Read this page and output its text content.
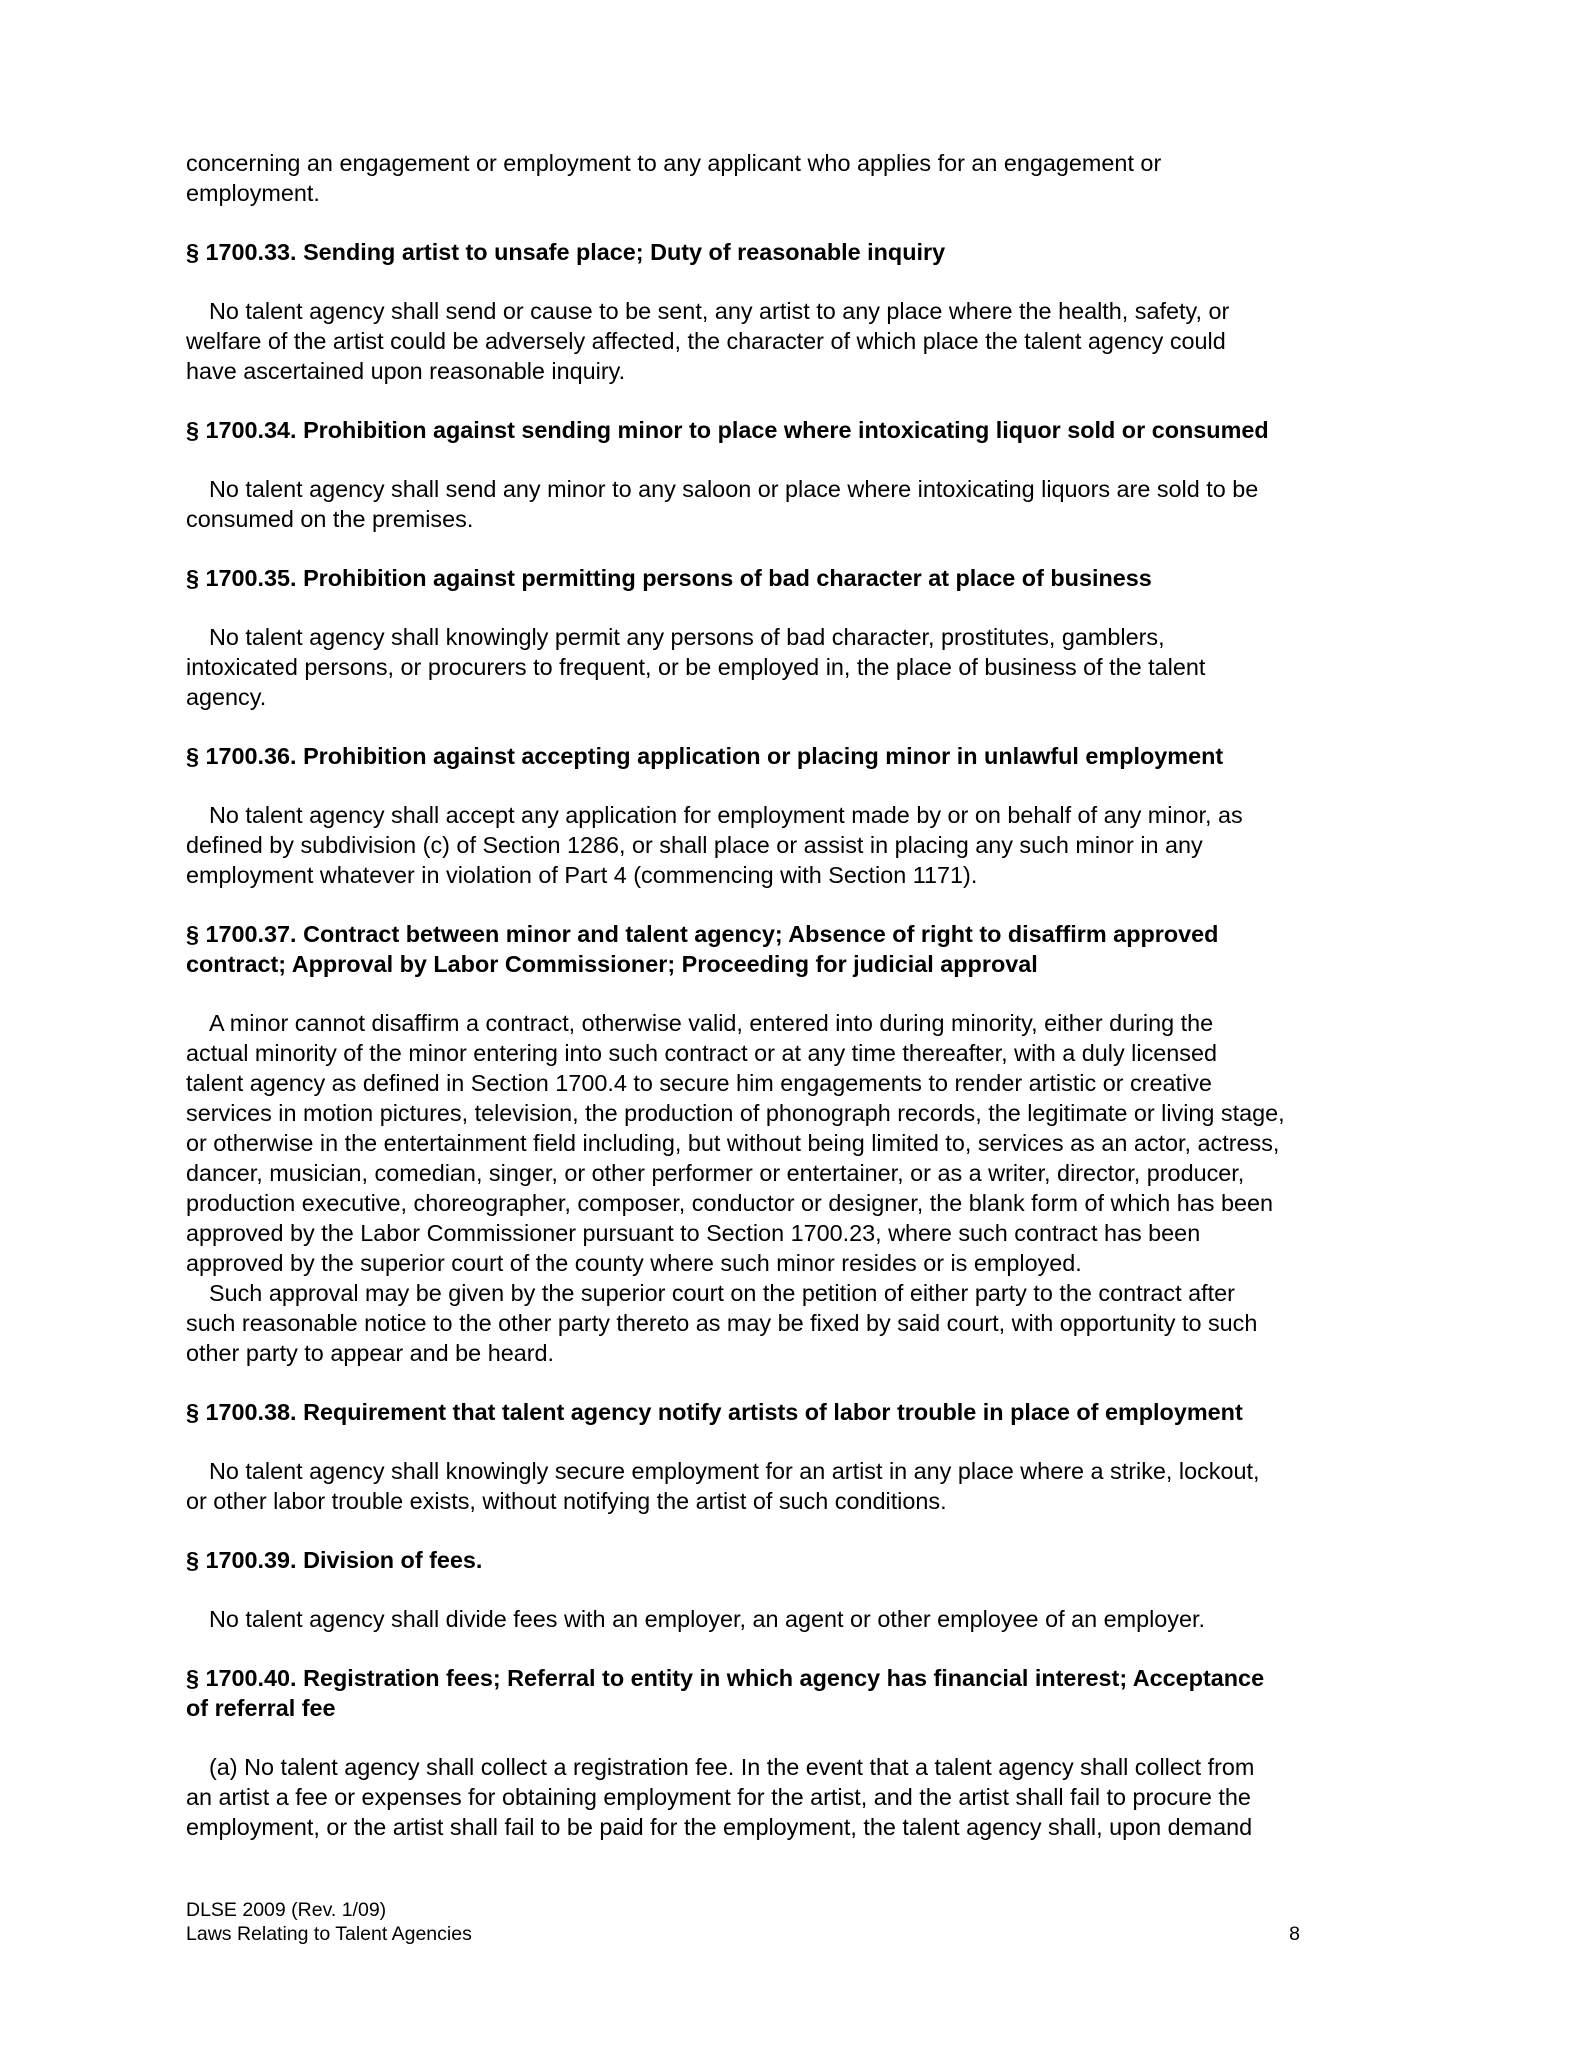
concerning an engagement or employment to any applicant who applies for an engagement or
employment.

§ 1700.33. Sending artist to unsafe place; Duty of reasonable inquiry

No talent agency shall send or cause to be sent, any artist to any place where the health, safety, or
welfare of the artist could be adversely affected, the character of which place the talent agency could
have ascertained upon reasonable inquiry.

§ 1700.34. Prohibition against sending minor to place where intoxicating liquor sold or consumed

No talent agency shall send any minor to any saloon or place where intoxicating liquors are sold to be
consumed on the premises.

§ 1700.35. Prohibition against permitting persons of bad character at place of business

No talent agency shall knowingly permit any persons of bad character, prostitutes, gamblers,
intoxicated persons, or procurers to frequent, or be employed in, the place of business of the talent
agency.

§ 1700.36. Prohibition against accepting application or placing minor in unlawful employment

No talent agency shall accept any application for employment made by or on behalf of any minor, as
defined by subdivision (c) of Section 1286, or shall place or assist in placing any such minor in any
employment whatever in violation of Part 4 (commencing with Section 1171).

§ 1700.37. Contract between minor and talent agency; Absence of right to disaffirm approved
contract; Approval by Labor Commissioner; Proceeding for judicial approval

A minor cannot disaffirm a contract, otherwise valid, entered into during minority, either during the
actual minority of the minor entering into such contract or at any time thereafter, with a duly licensed
talent agency as defined in Section 1700.4 to secure him engagements to render artistic or creative
services in motion pictures, television, the production of phonograph records, the legitimate or living stage,
or otherwise in the entertainment field including, but without being limited to, services as an actor, actress,
dancer, musician, comedian, singer, or other performer or entertainer, or as a writer, director, producer,
production executive, choreographer, composer, conductor or designer, the blank form of which has been
approved by the Labor Commissioner pursuant to Section 1700.23, where such contract has been
approved by the superior court of the county where such minor resides or is employed.

Such approval may be given by the superior court on the petition of either party to the contract after
such reasonable notice to the other party thereto as may be fixed by said court, with opportunity to such
other party to appear and be heard.

§ 1700.38. Requirement that talent agency notify artists of labor trouble in place of employment

No talent agency shall knowingly secure employment for an artist in any place where a strike, lockout,
or other labor trouble exists, without notifying the artist of such conditions.

§ 1700.39. Division of fees.

No talent agency shall divide fees with an employer, an agent or other employee of an employer.

§ 1700.40. Registration fees; Referral to entity in which agency has financial interest; Acceptance
of referral fee

(a) No talent agency shall collect a registration fee. In the event that a talent agency shall collect from
an artist a fee or expenses for obtaining employment for the artist, and the artist shall fail to procure the
employment, or the artist shall fail to be paid for the employment, the talent agency shall, upon demand

DLSE 2009 (Rev. 1/09)
Laws Relating to Talent Agencies	8
